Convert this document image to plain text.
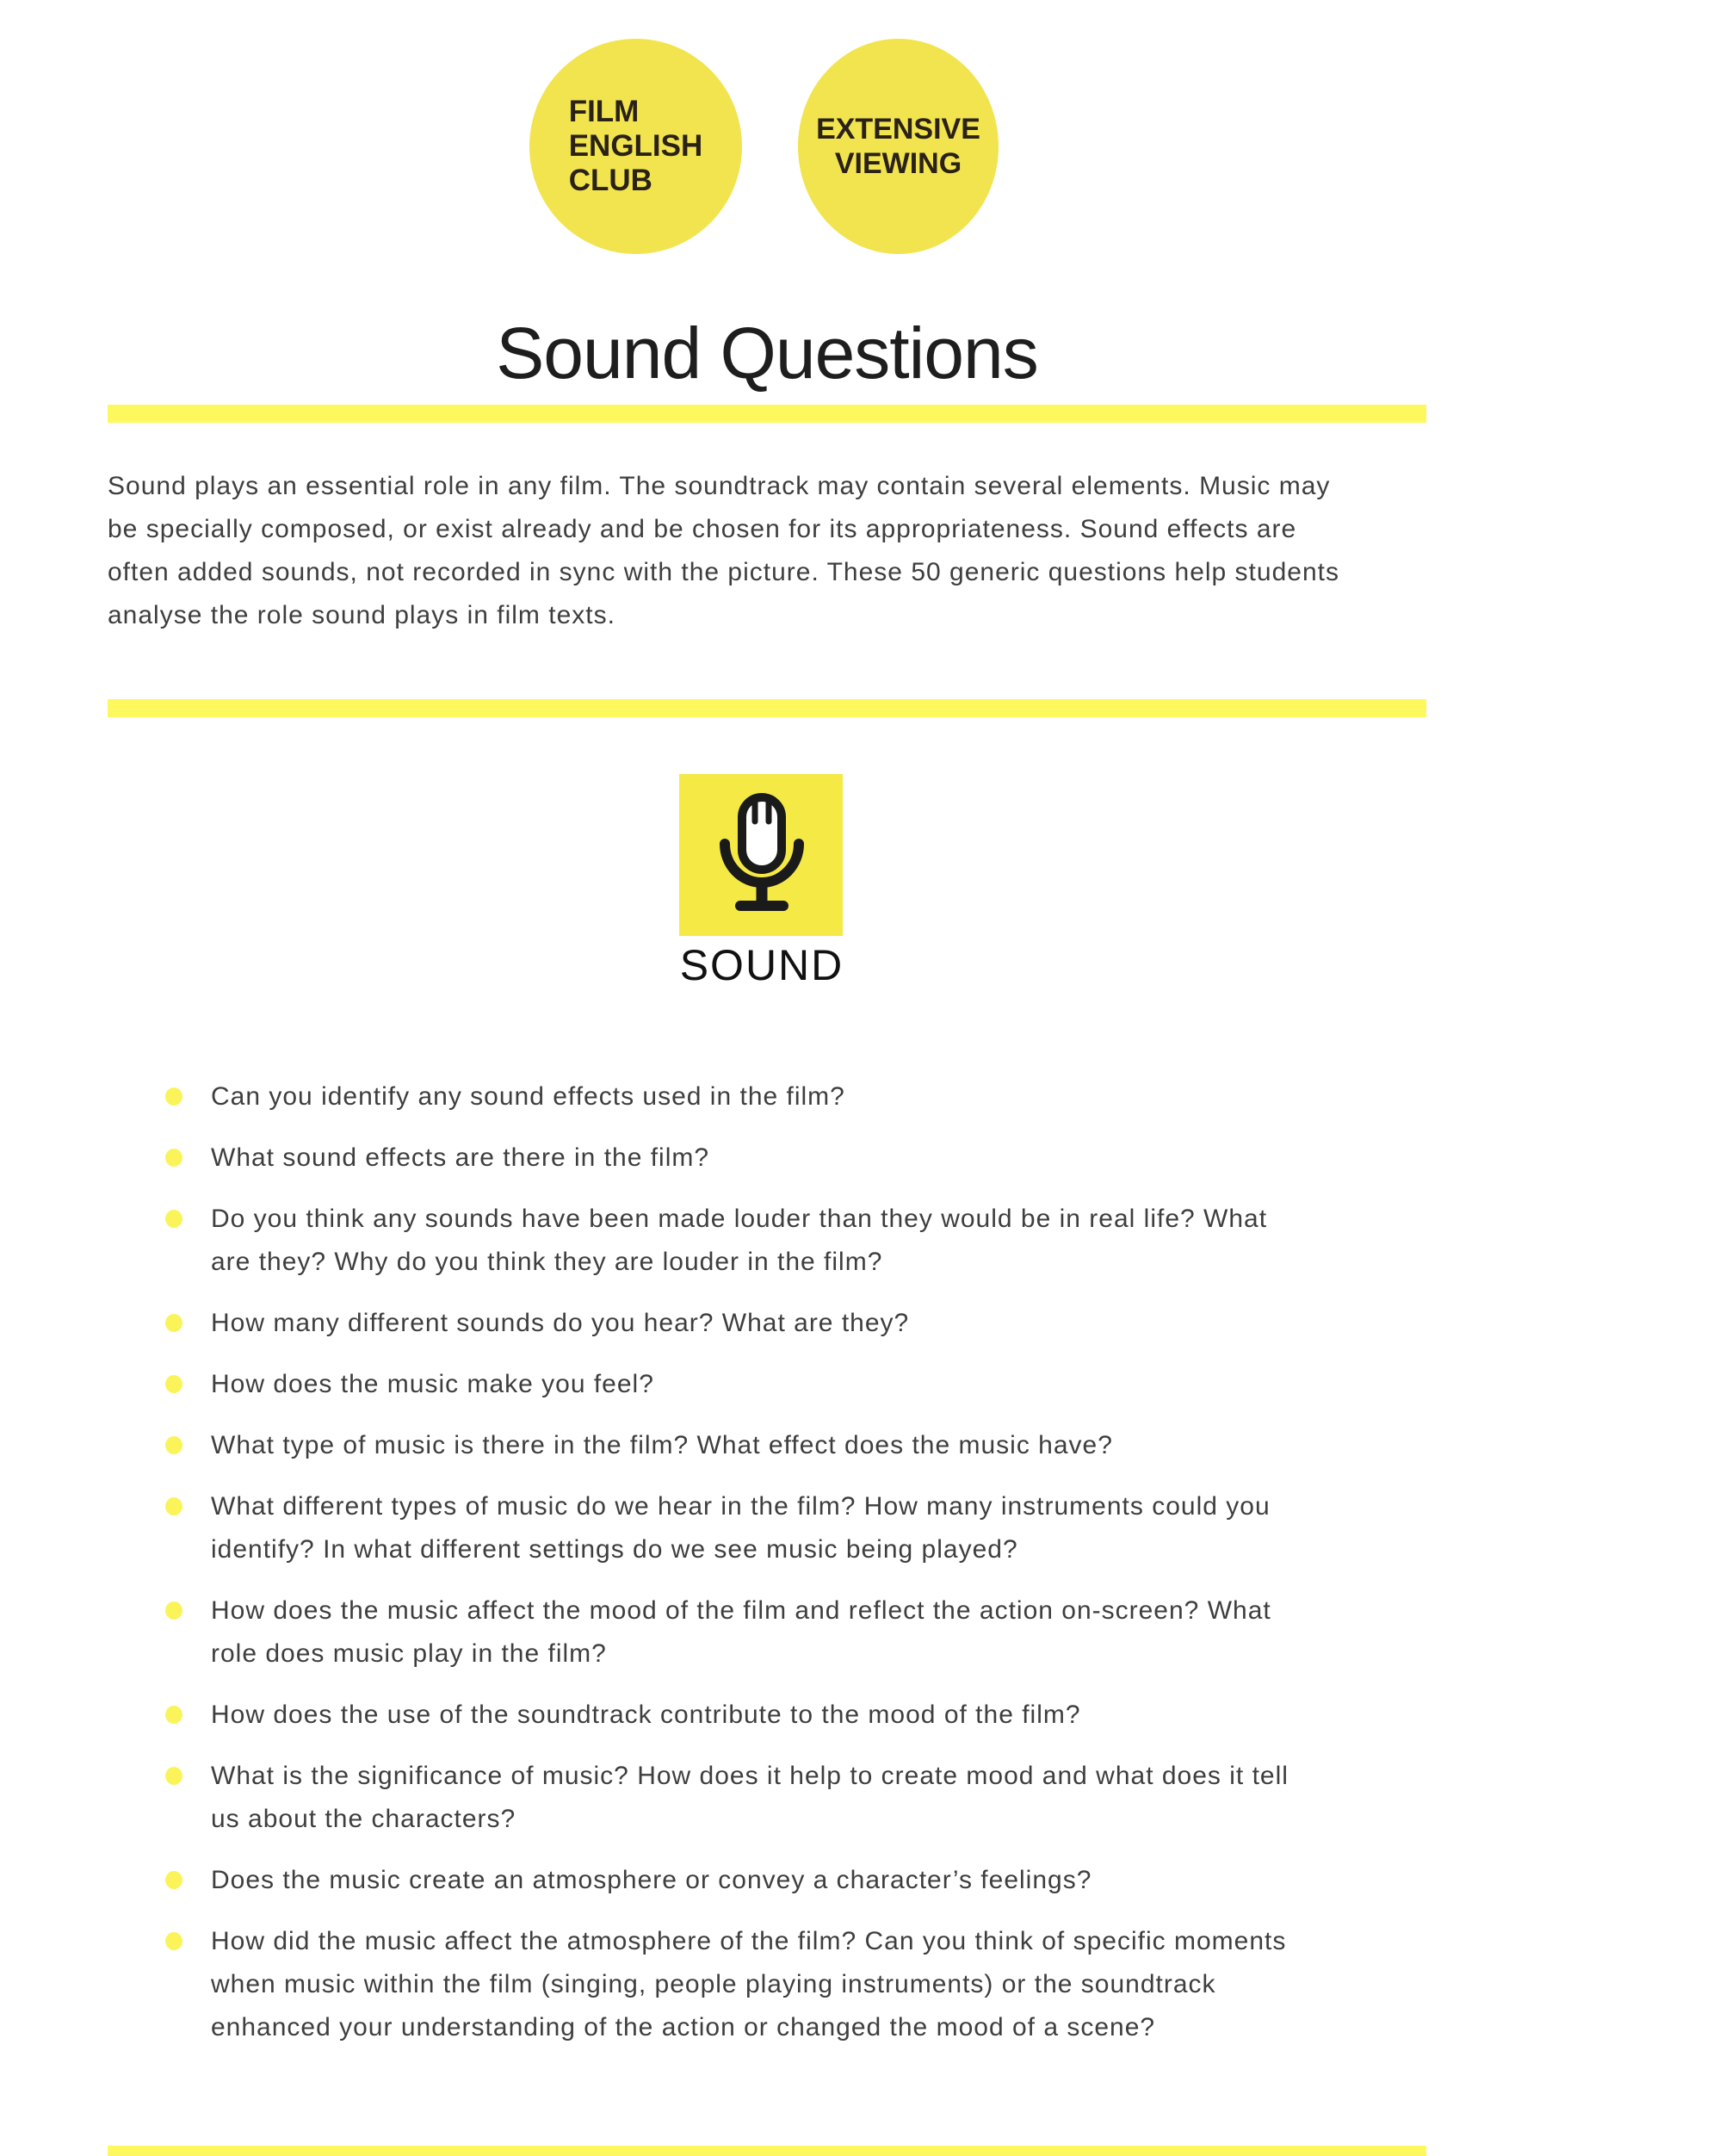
FILM
ENGLISH
CLUB
EXTENSIVE
VIEWING
Sound Questions

Sound plays an essential role in any film. The soundtrack may contain several elements. Music may be specially composed, or exist already and be chosen for its appropriateness. Sound effects are often added sounds, not recorded in sync with the picture. These 50 generic questions help students analyse the role sound plays in film texts.

SOUND
Can you identify any sound effects used in the film?
What sound effects are there in the film?
Do you think any sounds have been made louder than they would be in real life? What are they? Why do you think they are louder in the film?
How many different sounds do you hear? What are they?
How does the music make you feel?
What type of music is there in the film? What effect does the music have?
What different types of music do we hear in the film? How many instruments could you identify? In what different settings do we see music being played?
How does the music affect the mood of the film and reflect the action on-screen? What role does music play in the film?
How does the use of the soundtrack contribute to the mood of the film?
What is the significance of music? How does it help to create mood and what does it tell us about the characters?
Does the music create an atmosphere or convey a character’s feelings?
How did the music affect the atmosphere of the film? Can you think of specific moments when music within the film (singing, people playing instruments) or the soundtrack enhanced your understanding of the action or changed the mood of a scene?
